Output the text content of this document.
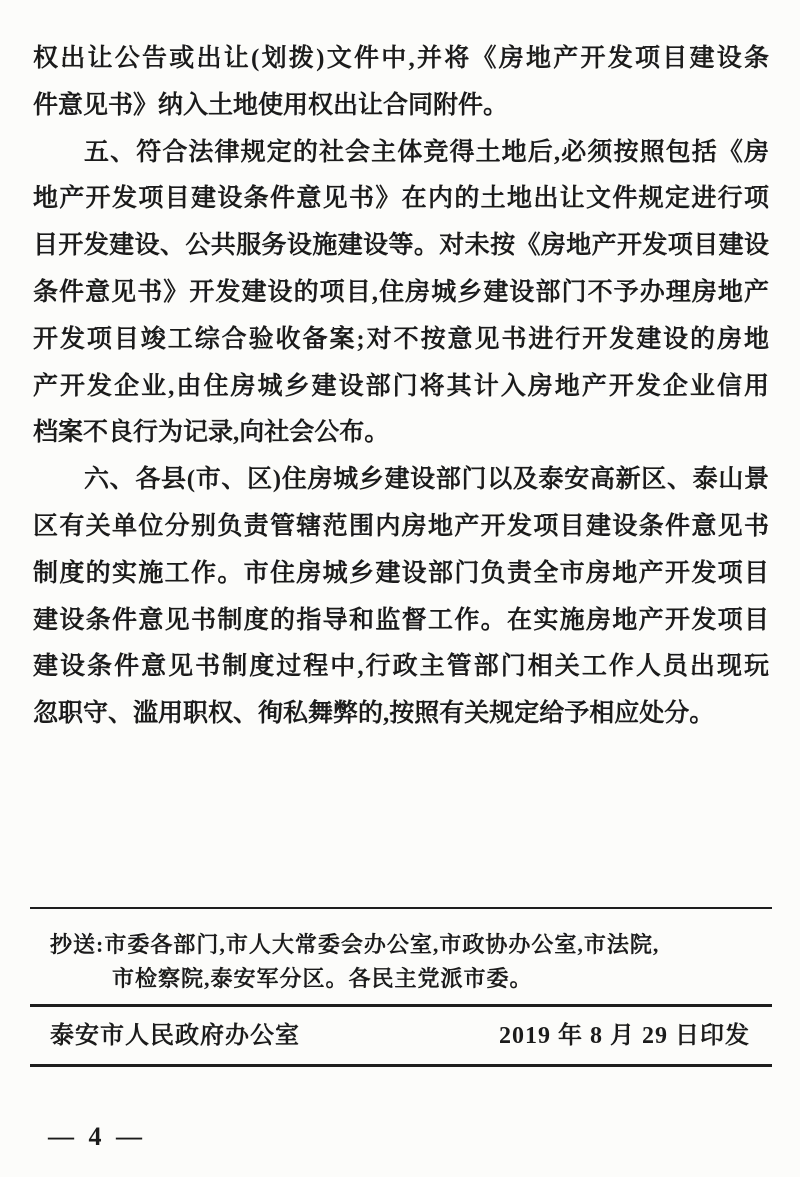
权出让公告或出让(划拨)文件中,并将《房地产开发项目建设条
件意见书》纳入土地使用权出让合同附件。
五、符合法律规定的社会主体竞得土地后,必须按照包括《房
地产开发项目建设条件意见书》在内的土地出让文件规定进行项
目开发建设、公共服务设施建设等。对未按《房地产开发项目建设
条件意见书》开发建设的项目,住房城乡建设部门不予办理房地产
开发项目竣工综合验收备案;对不按意见书进行开发建设的房地
产开发企业,由住房城乡建设部门将其计入房地产开发企业信用
档案不良行为记录,向社会公布。
六、各县(市、区)住房城乡建设部门以及泰安高新区、泰山景
区有关单位分别负责管辖范围内房地产开发项目建设条件意见书
制度的实施工作。市住房城乡建设部门负责全市房地产开发项目
建设条件意见书制度的指导和监督工作。在实施房地产开发项目
建设条件意见书制度过程中,行政主管部门相关工作人员出现玩
忽职守、滥用职权、徇私舞弊的,按照有关规定给予相应处分。
抄送:市委各部门,市人大常委会办公室,市政协办公室,市法院,
市检察院,泰安军分区。各民主党派市委。
泰安市人民政府办公室	2019 年 8 月 29 日印发
— 4 —
